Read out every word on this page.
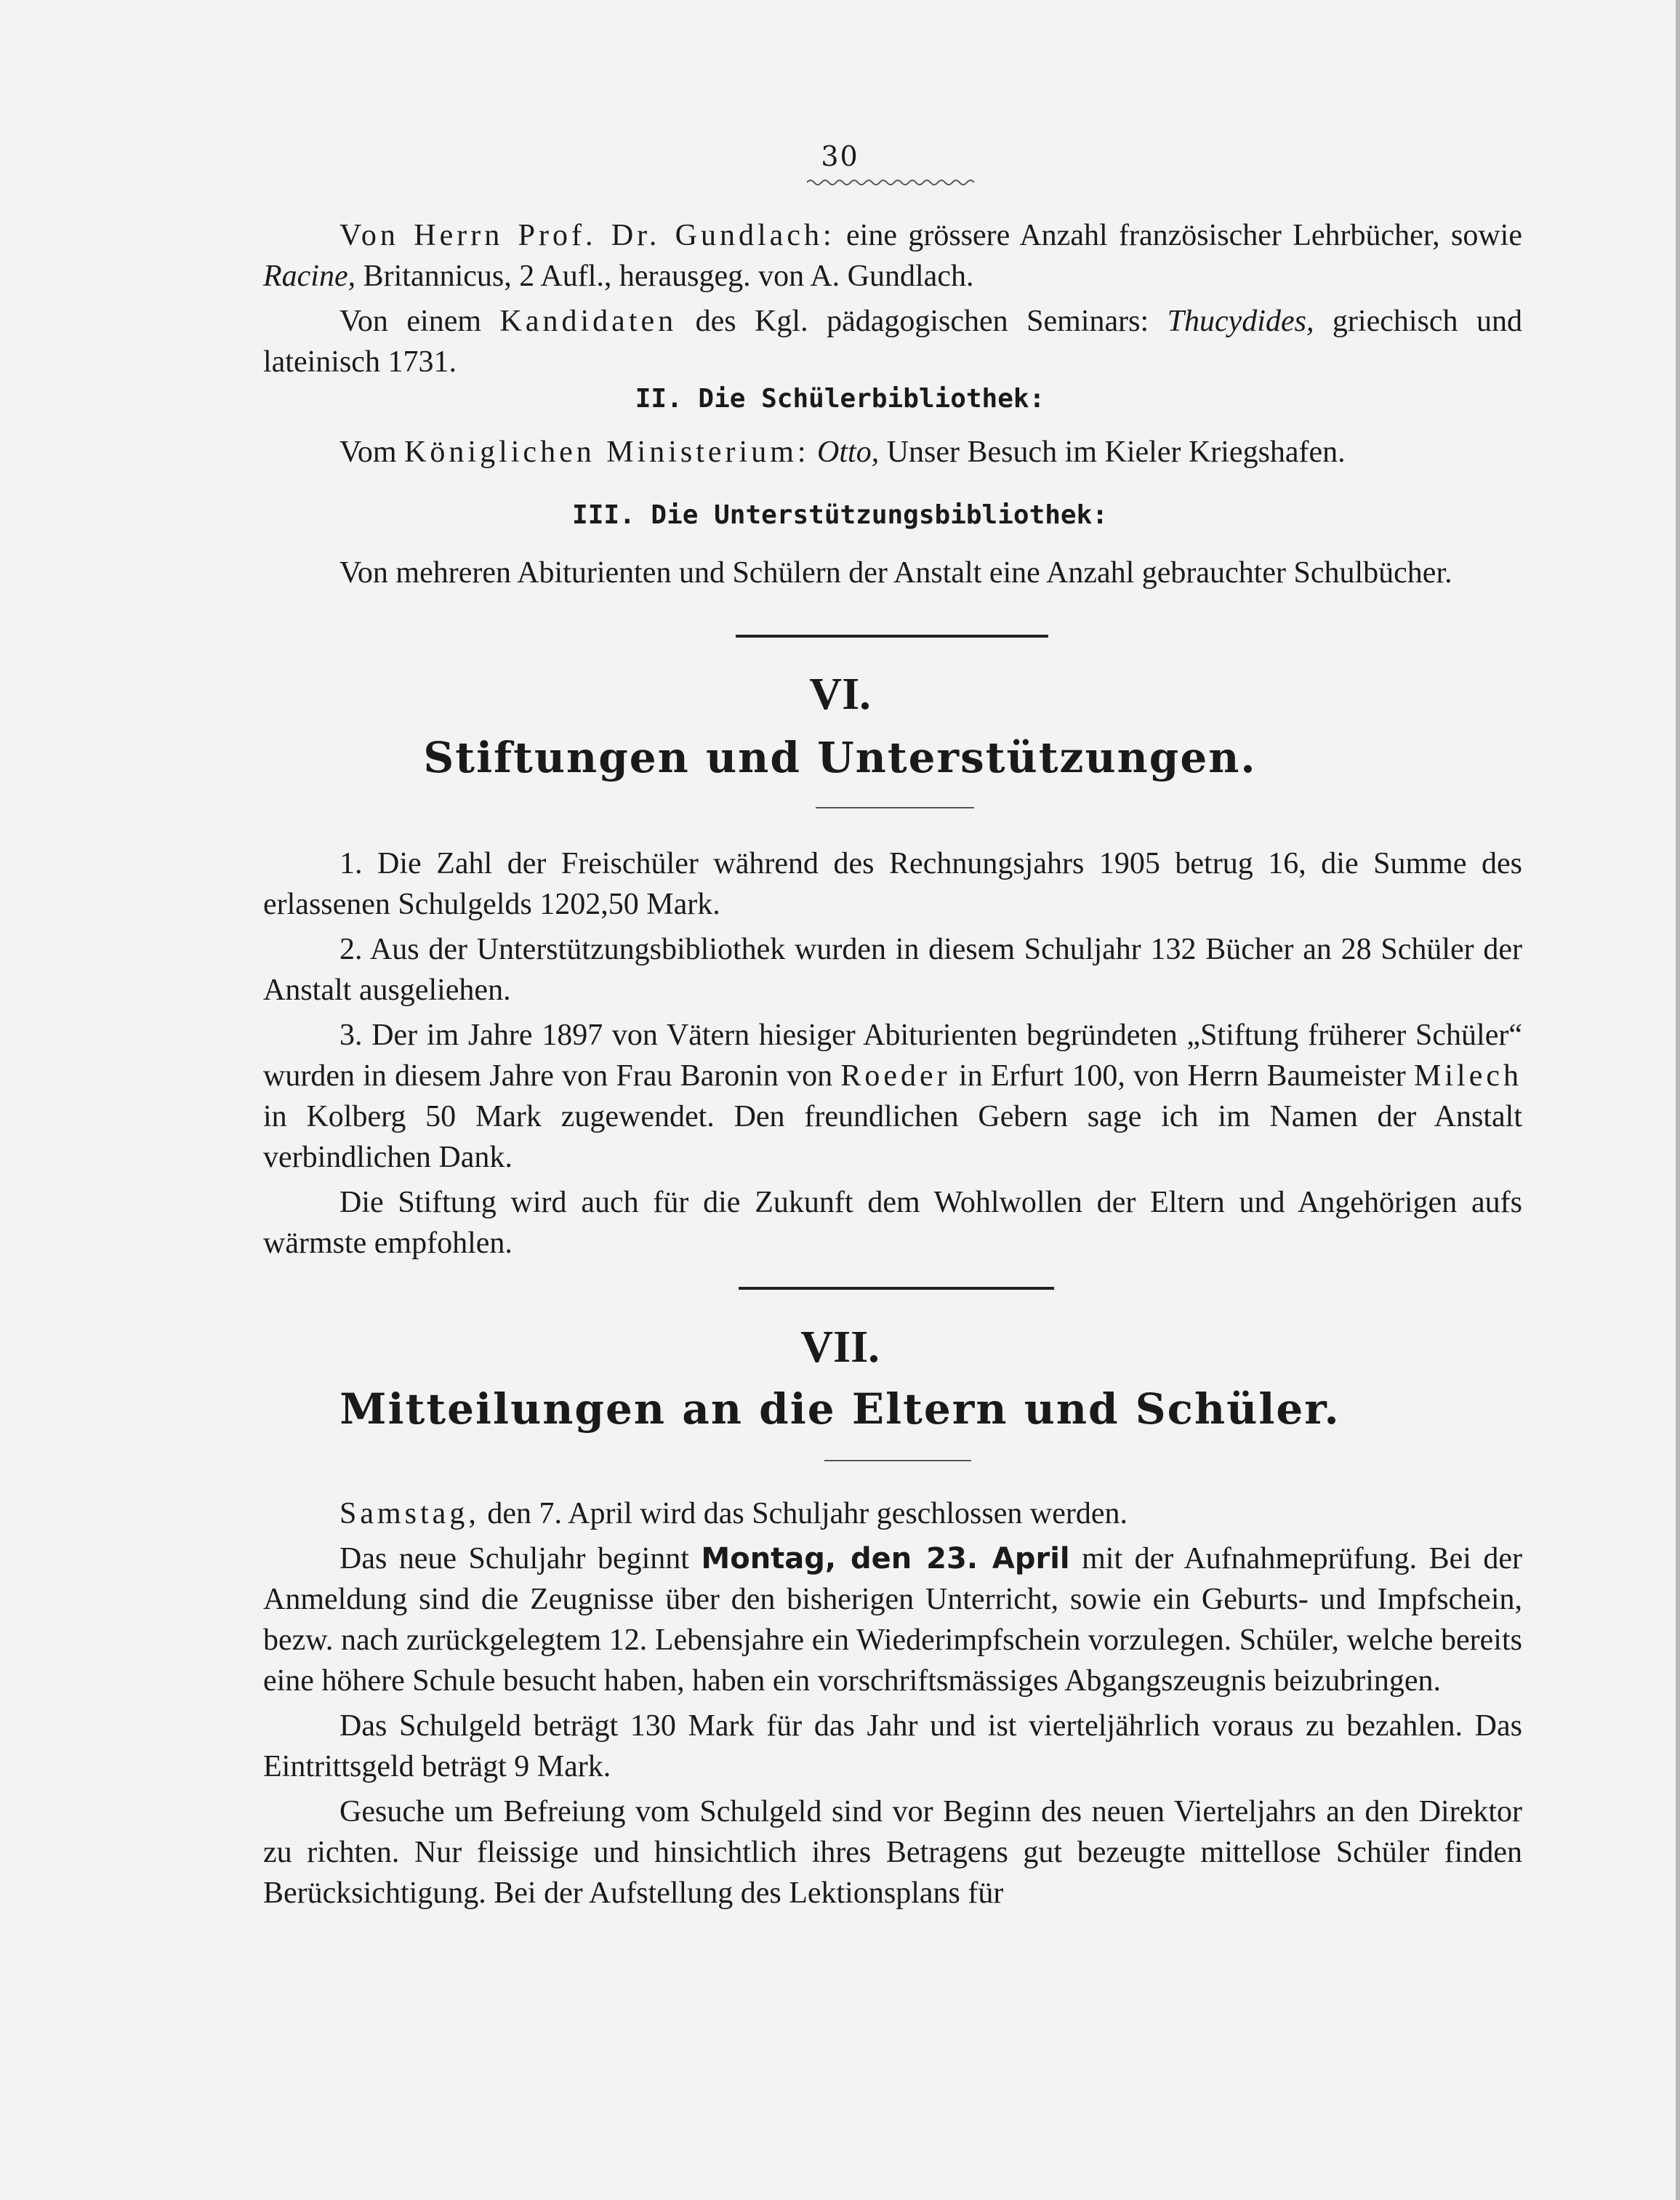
30

Von Herrn Prof. Dr. Gundlach: eine grössere Anzahl französischer Lehrbücher, sowie Racine, Britannicus, 2 Aufl., herausgeg. von A. Gundlach.

Von einem Kandidaten des Kgl. pädagogischen Seminars: Thucydides, griechisch und lateinisch 1731.

II. Die Schülerbibliothek:

Vom Königlichen Ministerium: Otto, Unser Besuch im Kieler Kriegshafen.

III. Die Unterstützungsbibliothek:

Von mehreren Abiturienten und Schülern der Anstalt eine Anzahl gebrauchter Schulbücher.

VI.
Stiftungen und Unterstützungen.

1. Die Zahl der Freischüler während des Rechnungsjahrs 1905 betrug 16, die Summe des erlassenen Schulgelds 1202,50 Mark.

2. Aus der Unterstützungsbibliothek wurden in diesem Schuljahr 132 Bücher an 28 Schüler der Anstalt ausgeliehen.

3. Der im Jahre 1897 von Vätern hiesiger Abiturienten begründeten „Stiftung früherer Schüler“ wurden in diesem Jahre von Frau Baronin von Roeder in Erfurt 100, von Herrn Baumeister Milech in Kolberg 50 Mark zugewendet. Den freundlichen Gebern sage ich im Namen der Anstalt verbindlichen Dank.

Die Stiftung wird auch für die Zukunft dem Wohlwollen der Eltern und Angehörigen aufs wärmste empfohlen.

VII.
Mitteilungen an die Eltern und Schüler.

Samstag, den 7. April wird das Schuljahr geschlossen werden.

Das neue Schuljahr beginnt Montag, den 23. April mit der Aufnahmeprüfung. Bei der Anmeldung sind die Zeugnisse über den bisherigen Unterricht, sowie ein Geburts- und Impfschein, bezw. nach zurückgelegtem 12. Lebensjahre ein Wiederimpfschein vorzulegen. Schüler, welche bereits eine höhere Schule besucht haben, haben ein vorschriftsmässiges Abgangszeugnis beizubringen.

Das Schulgeld beträgt 130 Mark für das Jahr und ist vierteljährlich voraus zu bezahlen. Das Eintrittsgeld beträgt 9 Mark.

Gesuche um Befreiung vom Schulgeld sind vor Beginn des neuen Vierteljahrs an den Direktor zu richten. Nur fleissige und hinsichtlich ihres Betragens gut bezeugte mittellose Schüler finden Berücksichtigung. Bei der Aufstellung des Lektionsplans für
